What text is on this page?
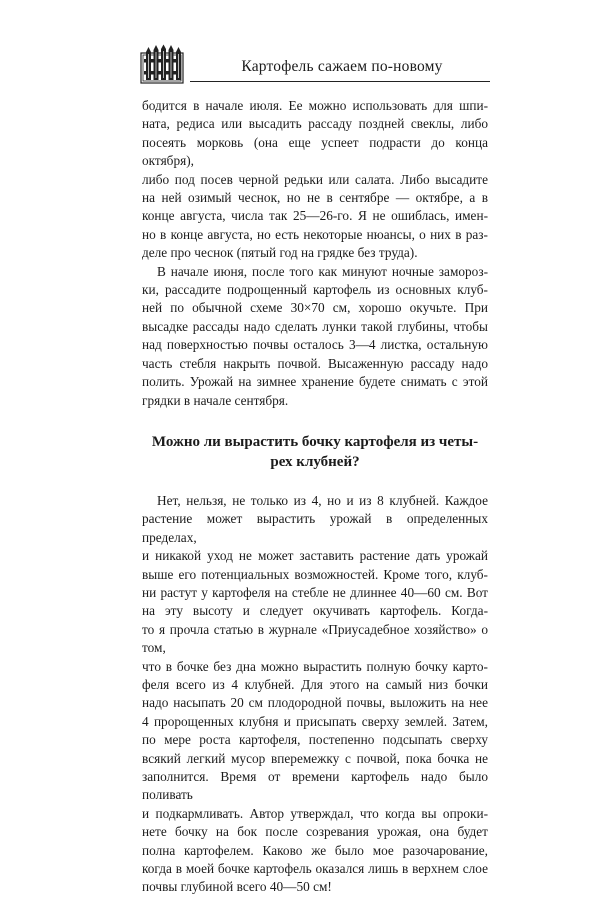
Картофель сажаем по-новому

бодится в начале июля. Ее можно использовать для шпи-
ната, редиса или высадить рассаду поздней свеклы, либо
посеять морковь (она еще успеет подрасти до конца октября),
либо под посев черной редьки или салата. Либо высадите
на ней озимый чеснок, но не в сентябре — октябре, а в
конце августа, числа так 25—26-го. Я не ошиблась, имен-
но в конце августа, но есть некоторые нюансы, о них в раз-
деле про чеснок (пятый год на грядке без труда).

В начале июня, после того как минуют ночные замороз-
ки, рассадите подрощенный картофель из основных клуб-
ней по обычной схеме 30×70 см, хорошо окучьте. При
высадке рассады надо сделать лунки такой глубины, чтобы
над поверхностью почвы осталось 3—4 листка, остальную
часть стебля накрыть почвой. Высаженную рассаду надо
полить. Урожай на зимнее хранение будете снимать с этой
грядки в начале сентября.

Можно ли вырастить бочку картофеля из четы-
рех клубней?

Нет, нельзя, не только из 4, но и из 8 клубней. Каждое
растение может вырастить урожай в определенных пределах,
и никакой уход не может заставить растение дать урожай
выше его потенциальных возможностей. Кроме того, клуб-
ни растут у картофеля на стебле не длиннее 40—60 см. Вот
на эту высоту и следует окучивать картофель. Когда-
то я прочла статью в журнале «Приусадебное хозяйство» о том,
что в бочке без дна можно вырастить полную бочку карто-
феля всего из 4 клубней. Для этого на самый низ бочки
надо насыпать 20 см плодородной почвы, выложить на нее
4 пророщенных клубня и присыпать сверху землей. Затем,
по мере роста картофеля, постепенно подсыпать сверху
всякий легкий мусор вперемежку с почвой, пока бочка не
заполнится. Время от времени картофель надо было поливать
и подкармливать. Автор утверждал, что когда вы опроки-
нете бочку на бок после созревания урожая, она будет
полна картофелем. Каково же было мое разочарование,
когда в моей бочке картофель оказался лишь в верхнем слое
почвы глубиной всего 40—50 см!
